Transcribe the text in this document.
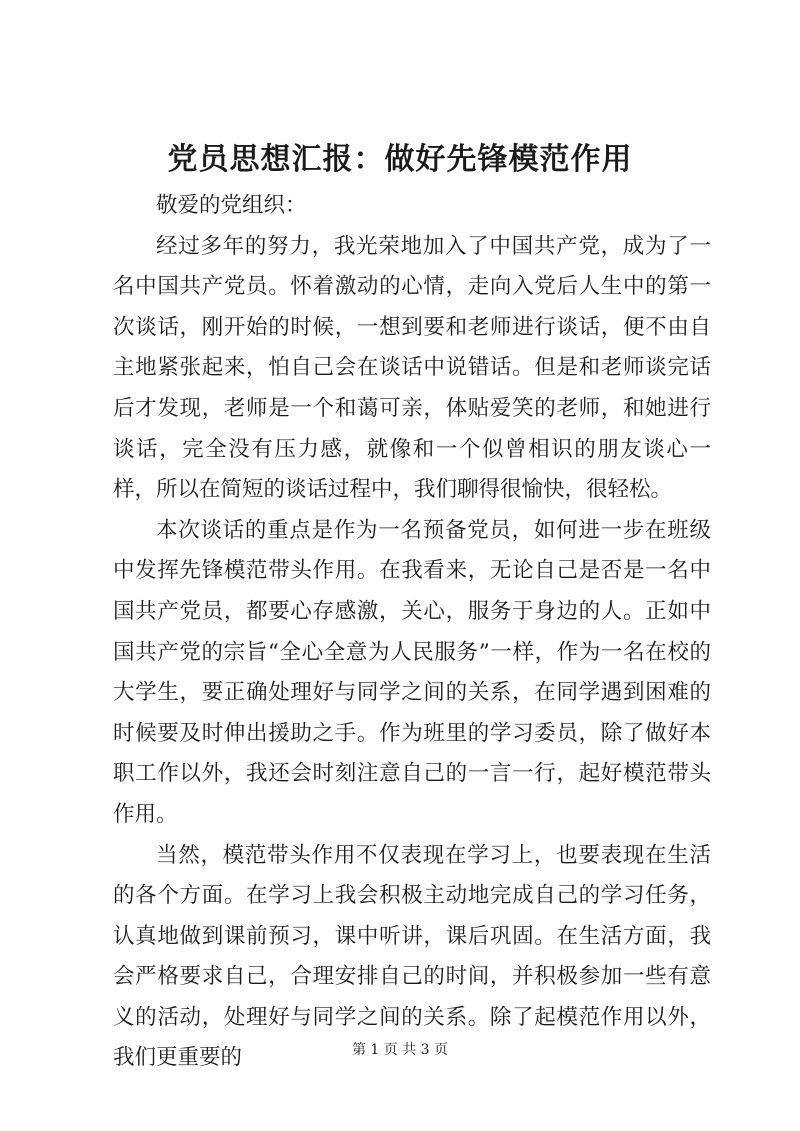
党员思想汇报：做好先锋模范作用

敬爱的党组织：

经过多年的努力，我光荣地加入了中国共产党，成为了一名中国共产党员。怀着激动的心情，走向入党后人生中的第一次谈话，刚开始的时候，一想到要和老师进行谈话，便不由自主地紧张起来，怕自己会在谈话中说错话。但是和老师谈完话后才发现，老师是一个和蔼可亲，体贴爱笑的老师，和她进行谈话，完全没有压力感，就像和一个似曾相识的朋友谈心一样，所以在简短的谈话过程中，我们聊得很愉快，很轻松。

本次谈话的重点是作为一名预备党员，如何进一步在班级中发挥先锋模范带头作用。在我看来，无论自己是否是一名中国共产党员，都要心存感激，关心，服务于身边的人。正如中国共产党的宗旨“全心全意为人民服务”一样，作为一名在校的大学生，要正确处理好与同学之间的关系，在同学遇到困难的时候要及时伸出援助之手。作为班里的学习委员，除了做好本职工作以外，我还会时刻注意自己的一言一行，起好模范带头作用。

当然，模范带头作用不仅表现在学习上，也要表现在生活的各个方面。在学习上我会积极主动地完成自己的学习任务，认真地做到课前预习，课中听讲，课后巩固。在生活方面，我会严格要求自己，合理安排自己的时间，并积极参加一些有意义的活动，处理好与同学之间的关系。除了起模范作用以外，我们更重要的	第 1 页 共 3 页
